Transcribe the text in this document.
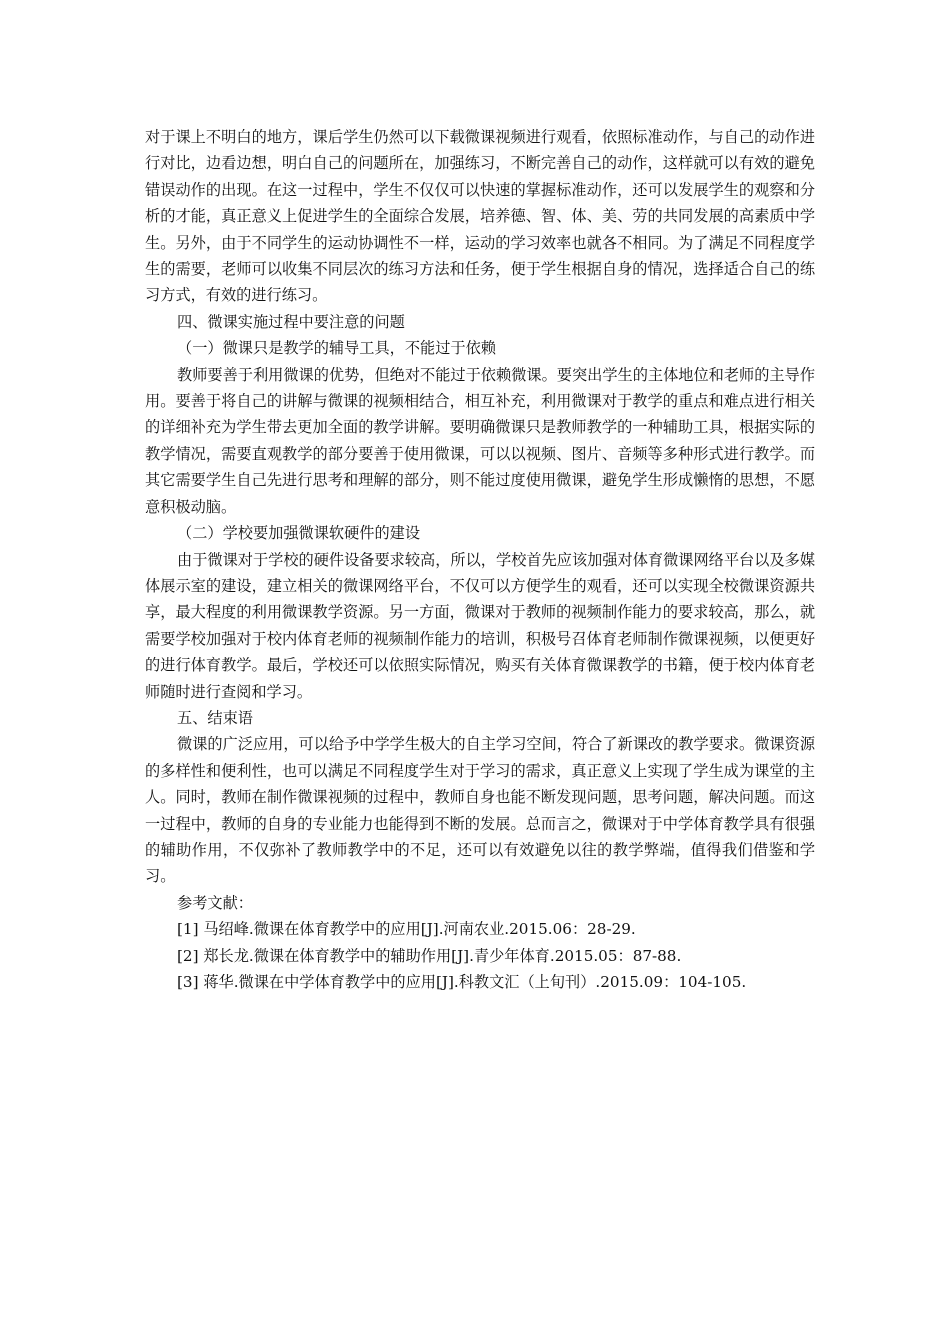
对于课上不明白的地方，课后学生仍然可以下载微课视频进行观看，依照标准动作，与自己的动作进行对比，边看边想，明白自己的问题所在，加强练习，不断完善自己的动作，这样就可以有效的避免错误动作的出现。在这一过程中，学生不仅仅可以快速的掌握标准动作，还可以发展学生的观察和分析的才能，真正意义上促进学生的全面综合发展，培养德、智、体、美、劳的共同发展的高素质中学生。另外，由于不同学生的运动协调性不一样，运动的学习效率也就各不相同。为了满足不同程度学生的需要，老师可以收集不同层次的练习方法和任务，便于学生根据自身的情况，选择适合自己的练习方式，有效的进行练习。

四、微课实施过程中要注意的问题

（一）微课只是教学的辅导工具，不能过于依赖

教师要善于利用微课的优势，但绝对不能过于依赖微课。要突出学生的主体地位和老师的主导作用。要善于将自己的讲解与微课的视频相结合，相互补充，利用微课对于教学的重点和难点进行相关的详细补充为学生带去更加全面的教学讲解。要明确微课只是教师教学的一种辅助工具，根据实际的教学情况，需要直观教学的部分要善于使用微课，可以以视频、图片、音频等多种形式进行教学。而其它需要学生自己先进行思考和理解的部分，则不能过度使用微课，避免学生形成懒惰的思想，不愿意积极动脑。

（二）学校要加强微课软硬件的建设

由于微课对于学校的硬件设备要求较高，所以，学校首先应该加强对体育微课网络平台以及多媒体展示室的建设，建立相关的微课网络平台，不仅可以方便学生的观看，还可以实现全校微课资源共享，最大程度的利用微课教学资源。另一方面，微课对于教师的视频制作能力的要求较高，那么，就需要学校加强对于校内体育老师的视频制作能力的培训，积极号召体育老师制作微课视频，以便更好的进行体育教学。最后，学校还可以依照实际情况，购买有关体育微课教学的书籍，便于校内体育老师随时进行查阅和学习。

五、结束语

微课的广泛应用，可以给予中学学生极大的自主学习空间，符合了新课改的教学要求。微课资源的多样性和便利性，也可以满足不同程度学生对于学习的需求，真正意义上实现了学生成为课堂的主人。同时，教师在制作微课视频的过程中，教师自身也能不断发现问题，思考问题，解决问题。而这一过程中，教师的自身的专业能力也能得到不断的发展。总而言之，微课对于中学体育教学具有很强的辅助作用，不仅弥补了教师教学中的不足，还可以有效避免以往的教学弊端，值得我们借鉴和学习。

参考文献：

[1] 马绍峰.微课在体育教学中的应用[J].河南农业.2015.06：28-29.

[2] 郑长龙.微课在体育教学中的辅助作用[J].青少年体育.2015.05：87-88.

[3] 蒋华.微课在中学体育教学中的应用[J].科教文汇（上旬刊）.2015.09：104-105.
